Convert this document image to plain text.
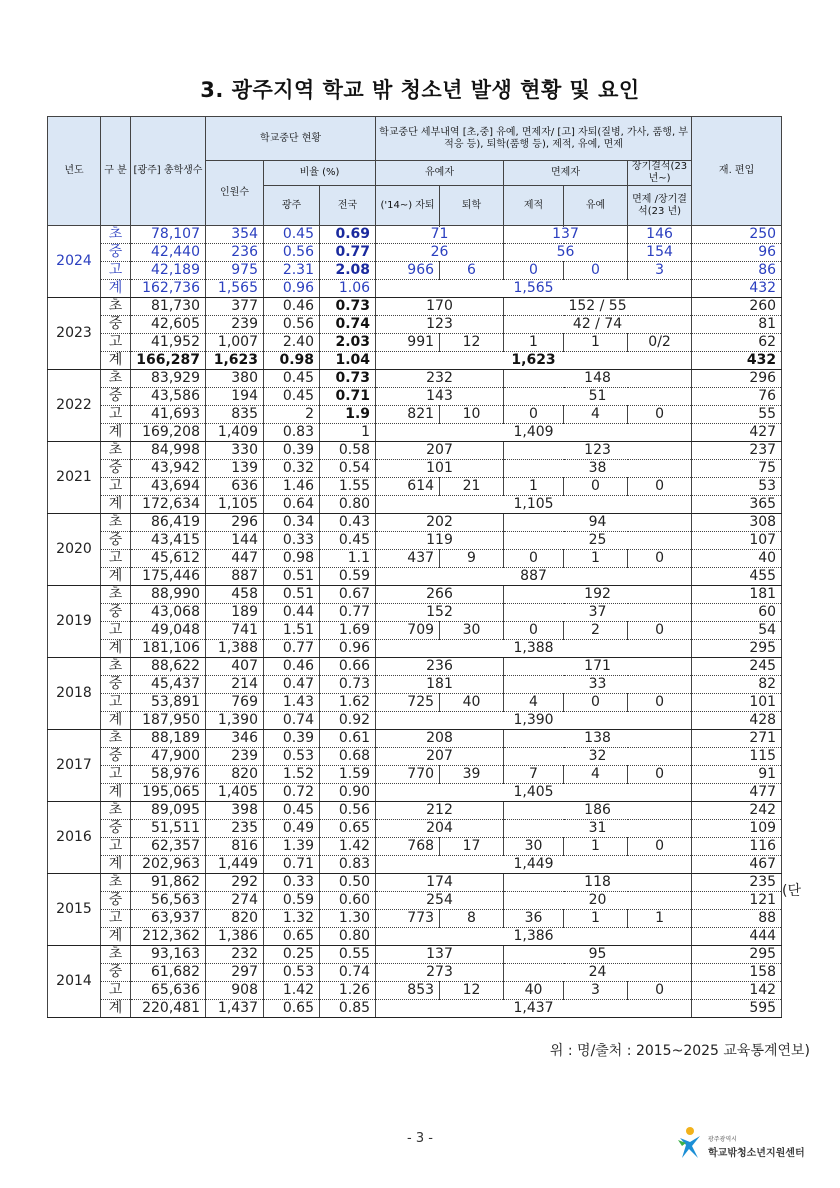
3. 광주지역 학교 밖 청소년 발생 현황 및 요인
년도	구 분	[광주] 총학생수	학교중단 현황			학교중단 세부내역 [초,중] 유예, 면제자/ [고] 자퇴(질병, 가사, 품행, 부적응 등), 퇴학(품행 등), 제적, 유예, 면제					재. 편입
			인원수	비율 (%)		유예자		면제자		장기결석(23년~)	
				광주	전국	('14~) 자퇴	퇴학	제적	유예	면제 /장기결석(23 년)	

2024	초	78,107	354	0.45	0.69	71		137		146	250
	중	42,440	236	0.56	0.77	26		56		154	96
	고	42,189	975	2.31	2.08	966	6	0	0	3	86
	계	162,736	1,565	0.96	1.06	1,565					432
2023	초	81,730	377	0.46	0.73	170		152 / 55			260
	중	42,605	239	0.56	0.74	123		42 / 74			81
	고	41,952	1,007	2.40	2.03	991	12	1	1	0/2	62
	계	166,287	1,623	0.98	1.04	1,623					432
2022	초	83,929	380	0.45	0.73	232		148			296
	중	43,586	194	0.45	0.71	143		51			76
	고	41,693	835	2	1.9	821	10	0	4	0	55
	계	169,208	1,409	0.83	1	1,409					427
2021	초	84,998	330	0.39	0.58	207		123			237
	중	43,942	139	0.32	0.54	101		38			75
	고	43,694	636	1.46	1.55	614	21	1	0	0	53
	계	172,634	1,105	0.64	0.80	1,105					365
2020	초	86,419	296	0.34	0.43	202		94			308
	중	43,415	144	0.33	0.45	119		25			107
	고	45,612	447	0.98	1.1	437	9	0	1	0	40
	계	175,446	887	0.51	0.59	887					455
2019	초	88,990	458	0.51	0.67	266		192			181
	중	43,068	189	0.44	0.77	152		37			60
	고	49,048	741	1.51	1.69	709	30	0	2	0	54
	계	181,106	1,388	0.77	0.96	1,388					295
2018	초	88,622	407	0.46	0.66	236		171			245
	중	45,437	214	0.47	0.73	181		33			82
	고	53,891	769	1.43	1.62	725	40	4	0	0	101
	계	187,950	1,390	0.74	0.92	1,390					428
2017	초	88,189	346	0.39	0.61	208		138			271
	중	47,900	239	0.53	0.68	207		32			115
	고	58,976	820	1.52	1.59	770	39	7	4	0	91
	계	195,065	1,405	0.72	0.90	1,405					477
2016	초	89,095	398	0.45	0.56	212		186			242
	중	51,511	235	0.49	0.65	204		31			109
	고	62,357	816	1.39	1.42	768	17	30	1	0	116
	계	202,963	1,449	0.71	0.83	1,449					467
2015	초	91,862	292	0.33	0.50	174		118			235
	중	56,563	274	0.59	0.60	254		20			121
	고	63,937	820	1.32	1.30	773	8	36	1	1	88
	계	212,362	1,386	0.65	0.80	1,386					444
2014	초	93,163	232	0.25	0.55	137		95			295
	중	61,682	297	0.53	0.74	273		24			158
	고	65,636	908	1.42	1.26	853	12	40	3	0	142
	계	220,481	1,437	0.65	0.85	1,437					595
(단
위 : 명/출처 : 2015~2025 교육통계연보)
- 3 -	광주광역시
학교밖청소년지원센터
